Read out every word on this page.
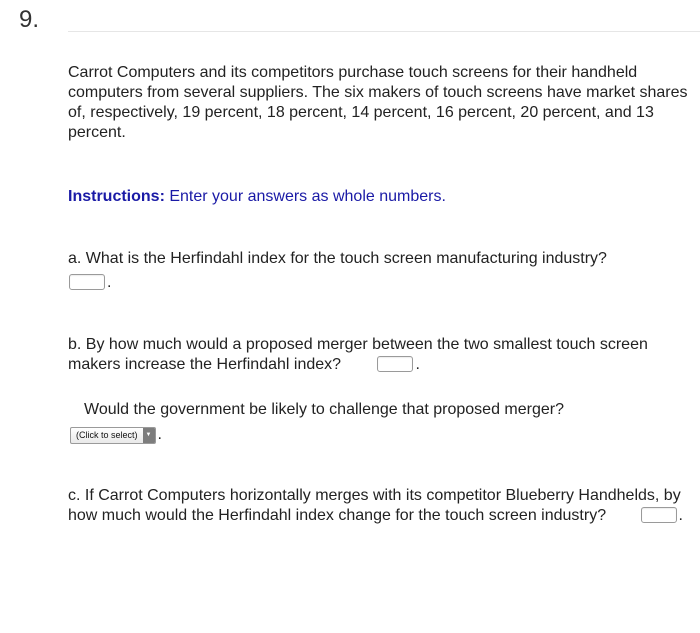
9.
Carrot Computers and its competitors purchase touch screens for their handheld computers from several suppliers. The six makers of touch screens have market shares of, respectively, 19 percent, 18 percent, 14 percent, 16 percent, 20 percent, and 13 percent.
Instructions: Enter your answers as whole numbers.
a. What is the Herfindahl index for the touch screen manufacturing industry?
.
b. By how much would a proposed merger between the two smallest touch screen makers increase the Herfindahl index?	.
Would the government be likely to challenge that proposed merger?
(Click to select)	▼ .
c. If Carrot Computers horizontally merges with its competitor Blueberry Handhelds, by how much would the Herfindahl index change for the touch screen industry?	.
